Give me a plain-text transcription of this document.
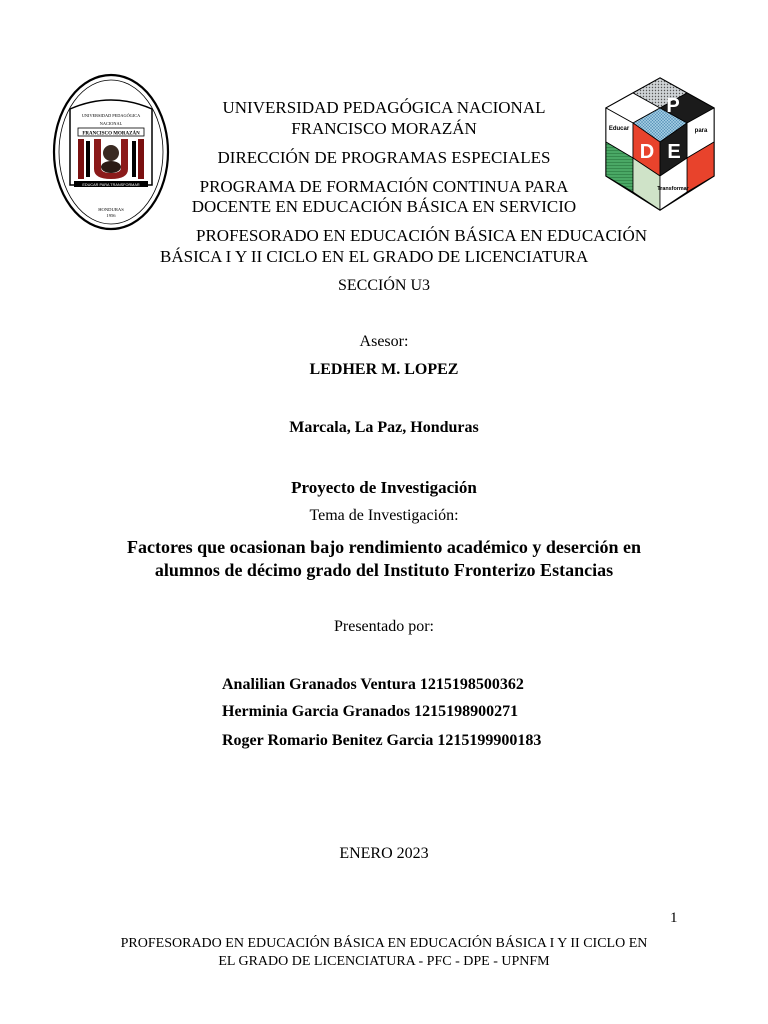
UNIVERSIDAD PEDAGÓGICA
NACIONAL
FRANCISCO MORAZÁN
EDUCAR PARA TRANSFORMAR
HONDURAS
1956
P
D E
Educar	para
Transformar
UNIVERSIDAD PEDAGÓGICA NACIONAL
FRANCISCO MORAZÁN
DIRECCIÓN DE PROGRAMAS ESPECIALES
PROGRAMA DE FORMACIÓN CONTINUA PARA
DOCENTE EN EDUCACIÓN BÁSICA EN SERVICIO
PROFESORADO EN EDUCACIÓN BÁSICA EN EDUCACIÓN
BÁSICA I Y II CICLO EN EL GRADO DE LICENCIATURA
SECCIÓN U3
Asesor:
LEDHER M. LOPEZ
Marcala, La Paz, Honduras
Proyecto de Investigación
Tema de Investigación:
Factores que ocasionan bajo rendimiento académico y deserción en
alumnos de décimo grado del Instituto Fronterizo Estancias
Presentado por:
Analilian Granados Ventura 1215198500362
Herminia Garcia Granados 1215198900271
Roger Romario Benitez Garcia 1215199900183
ENERO 2023
1
PROFESORADO EN EDUCACIÓN BÁSICA EN EDUCACIÓN BÁSICA I Y II CICLO EN
EL GRADO DE LICENCIATURA - PFC - DPE - UPNFM
